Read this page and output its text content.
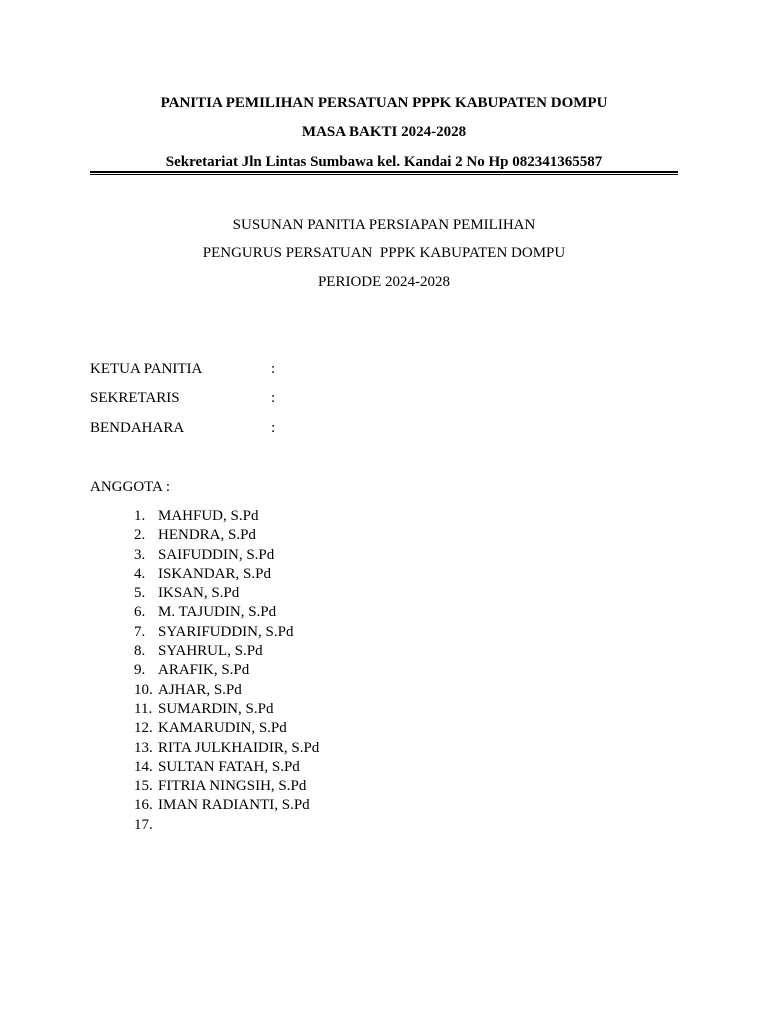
PANITIA PEMILIHAN PERSATUAN PPPK KABUPATEN DOMPU
MASA BAKTI 2024-2028
Sekretariat Jln Lintas Sumbawa kel. Kandai 2 No Hp 082341365587
SUSUNAN PANITIA PERSIAPAN PEMILIHAN
PENGURUS PERSATUAN  PPPK KABUPATEN DOMPU
PERIODE 2024-2028
KETUA PANITIA	:
SEKRETARIS	:
BENDAHARA	:
ANGGOTA :
1. MAHFUD, S.Pd
2. HENDRA, S.Pd
3. SAIFUDDIN, S.Pd
4. ISKANDAR, S.Pd
5. IKSAN, S.Pd
6. M. TAJUDIN, S.Pd
7. SYARIFUDDIN, S.Pd
8. SYAHRUL, S.Pd
9. ARAFIK, S.Pd
10. AJHAR, S.Pd
11. SUMARDIN, S.Pd
12. KAMARUDIN, S.Pd
13. RITA JULKHAIDIR, S.Pd
14. SULTAN FATAH, S.Pd
15. FITRIA NINGSIH, S.Pd
16. IMAN RADIANTI, S.Pd
17.
